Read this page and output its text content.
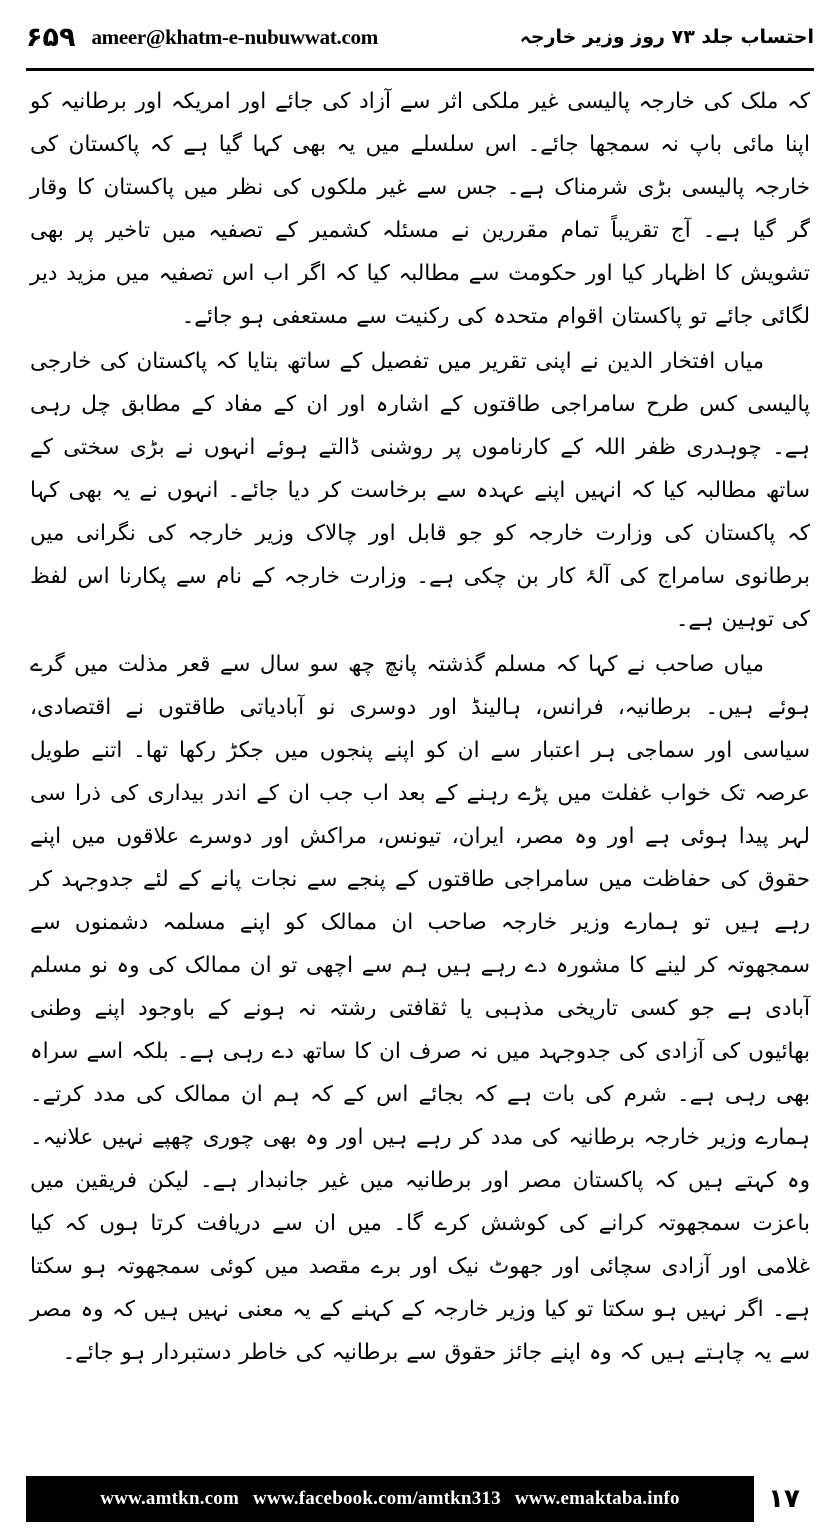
احتساب جلد ۷۳ روز وزیر خارجہ
۶۵۹ ameer@khatm-e-nubuwwat.com

کہ ملک کی خارجہ پالیسی غیر ملکی اثر سے آزاد کی جائے اور امریکہ اور برطانیہ کو اپنا مائی باپ نہ سمجھا جائے۔ اس سلسلے میں یہ بھی کہا گیا ہے کہ پاکستان کی خارجہ پالیسی بڑی شرمناک ہے۔ جس سے غیر ملکوں کی نظر میں پاکستان کا وقار گر گیا ہے۔ آج تقریباً تمام مقررین نے مسئلہ کشمیر کے تصفیہ میں تاخیر پر بھی تشویش کا اظہار کیا اور حکومت سے مطالبہ کیا کہ اگر اب اس تصفیہ میں مزید دیر لگائی جائے تو پاکستان اقوام متحدہ کی رکنیت سے مستعفی ہو جائے۔

میاں افتخار الدین نے اپنی تقریر میں تفصیل کے ساتھ بتایا کہ پاکستان کی خارجی پالیسی کس طرح سامراجی طاقتوں کے اشارہ اور ان کے مفاد کے مطابق چل رہی ہے۔ چوہدری ظفر اللہ کے کارناموں پر روشنی ڈالتے ہوئے انہوں نے بڑی سختی کے ساتھ مطالبہ کیا کہ انہیں اپنے عہدہ سے برخاست کر دیا جائے۔ انہوں نے یہ بھی کہا کہ پاکستان کی وزارت خارجہ کو جو قابل اور چالاک وزیر خارجہ کی نگرانی میں برطانوی سامراج کی آلۂ کار بن چکی ہے۔ وزارت خارجہ کے نام سے پکارنا اس لفظ کی توہین ہے۔

میاں صاحب نے کہا کہ مسلم گذشتہ پانچ چھ سو سال سے قعر مذلت میں گرے ہوئے ہیں۔ برطانیہ، فرانس، ہالینڈ اور دوسری نو آبادیاتی طاقتوں نے اقتصادی، سیاسی اور سماجی ہر اعتبار سے ان کو اپنے پنجوں میں جکڑ رکھا تھا۔ اتنے طویل عرصہ تک خواب غفلت میں پڑے رہنے کے بعد اب جب ان کے اندر بیداری کی ذرا سی لہر پیدا ہوئی ہے اور وہ مصر، ایران، تیونس، مراکش اور دوسرے علاقوں میں اپنے حقوق کی حفاظت میں سامراجی طاقتوں کے پنجے سے نجات پانے کے لئے جدوجہد کر رہے ہیں تو ہمارے وزیر خارجہ صاحب ان ممالک کو اپنے مسلمہ دشمنوں سے سمجھوتہ کر لینے کا مشورہ دے رہے ہیں ہم سے اچھی تو ان ممالک کی وہ نو مسلم آبادی ہے جو کسی تاریخی مذہبی یا ثقافتی رشتہ نہ ہونے کے باوجود اپنے وطنی بھائیوں کی آزادی کی جدوجہد میں نہ صرف ان کا ساتھ دے رہی ہے۔ بلکہ اسے سراہ بھی رہی ہے۔ شرم کی بات ہے کہ بجائے اس کے کہ ہم ان ممالک کی مدد کرتے۔ ہمارے وزیر خارجہ برطانیہ کی مدد کر رہے ہیں اور وہ بھی چوری چھپے نہیں علانیہ۔ وہ کہتے ہیں کہ پاکستان مصر اور برطانیہ میں غیر جانبدار ہے۔ لیکن فریقین میں باعزت سمجھوتہ کرانے کی کوشش کرے گا۔ میں ان سے دریافت کرتا ہوں کہ کیا غلامی اور آزادی سچائی اور جھوٹ نیک اور برے مقصد میں کوئی سمجھوتہ ہو سکتا ہے۔ اگر نہیں ہو سکتا تو کیا وزیر خارجہ کے کہنے کے یہ معنی نہیں ہیں کہ وہ مصر سے یہ چاہتے ہیں کہ وہ اپنے جائز حقوق سے برطانیہ کی خاطر دستبردار ہو جائے۔

۱۷
www.amtkn.com www.facebook.com/amtkn313 www.emaktaba.info
